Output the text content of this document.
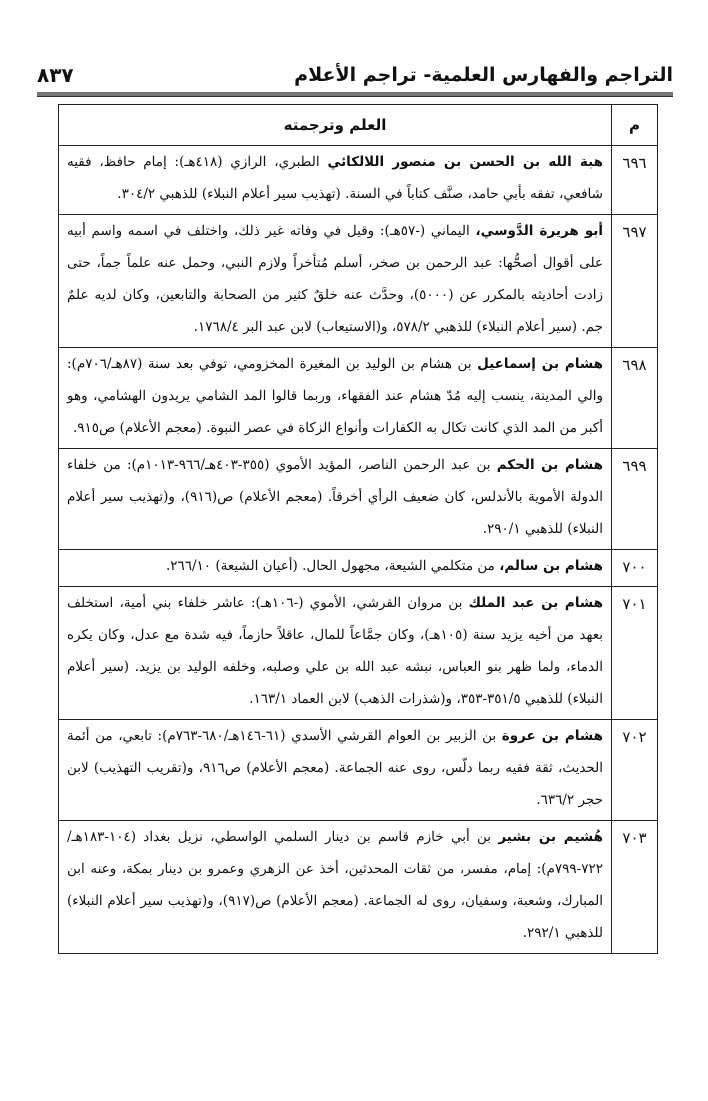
التراجم والفهارس العلمية- تراجم الأعلام
٨٣٧
م	العلم وترجمته
٦٩٦	هبة الله بن الحسن بن منصور اللالكائي الطبري، الرازي (٤١٨هـ): إمام حافظ، فقيه شافعي، تفقه بأبي حامد، صنَّف كتاباً في السنة. (تهذيب سير أعلام النبلاء) للذهبي ٣٠٤/٢.
٦٩٧	أبو هريرة الدَّوسي، اليماني (-٥٧هـ): وقيل في وفاته غير ذلك، واختلف في اسمه واسم أبيه على أقوال أصحُّها: عبد الرحمن بن صخر، أسلم مُتأخراً ولازم النبي، وحمل عنه علماً جماً، حتى زادت أحاديثه بالمكرر عن (٥٠٠٠)، وحدَّث عنه خلقٌ كثير من الصحابة والتابعين، وكان لديه علمٌ جم. (سير أعلام النبلاء) للذهبي ٥٧٨/٢، و(الاستيعاب) لابن عبد البر ١٧٦٨/٤.
٦٩٨	هشام بن إسماعيل بن هشام بن الوليد بن المغيرة المخزومي، توفي بعد سنة (٨٧هـ/٧٠٦م): والي المدينة، ينسب إليه مُدّ هشام عند الفقهاء، وربما قالوا المد الشامي يريدون الهشامي، وهو أكبر من المد الذي كانت تكال به الكفارات وأنواع الزكاة في عصر النبوة. (معجم الأعلام) ص٩١٥.
٦٩٩	هشام بن الحكم بن عبد الرحمن الناصر، المؤيد الأموي (٣٥٥-٤٠٣هـ/٩٦٦-١٠١٣م): من خلفاء الدولة الأموية بالأندلس، كان ضعيف الرأي أخرقاً. (معجم الأعلام) ص(٩١٦)، و(تهذيب سير أعلام النبلاء) للذهبي ٢٩٠/١.
٧٠٠	هشام بن سالم، من متكلمي الشيعة، مجهول الحال. (أعيان الشيعة) ٢٦٦/١٠.
٧٠١	هشام بن عبد الملك بن مروان القرشي، الأموي (-١٠٦هـ): عاشر خلفاء بني أمية، استخلف بعهد من أخيه يزيد سنة (١٠٥هـ)، وكان جمَّاعاً للمال، عاقلاً حازماً، فيه شدة مع عدل، وكان يكره الدماء، ولما ظهر بنو العباس، نبشه عبد الله بن علي وصلبه، وخلفه الوليد بن يزيد. (سير أعلام النبلاء) للذهبي ٣٥١/٥-٣٥٣، و(شذرات الذهب) لابن العماد ١٦٣/١.
٧٠٢	هشام بن عروة بن الزبير بن العوام القرشي الأسدي (٦١-١٤٦هـ/٦٨٠-٧٦٣م): تابعي، من أئمة الحديث، ثقة فقيه ربما دلّس، روى عنه الجماعة. (معجم الأعلام) ص٩١٦، و(تقريب التهذيب) لابن حجر ٦٣٦/٢.
٧٠٣	هُشيم بن بشير بن أبي خازم قاسم بن دينار السلمي الواسطي، نزيل بغداد (١٠٤-١٨٣هـ/٧٢٢-٧٩٩م): إمام، مفسر، من ثقات المحدثين، أخذ عن الزهري وعمرو بن دينار بمكة، وعنه ابن المبارك، وشعبة، وسفيان، روى له الجماعة. (معجم الأعلام) ص(٩١٧)، و(تهذيب سير أعلام النبلاء) للذهبي ٢٩٢/١.
